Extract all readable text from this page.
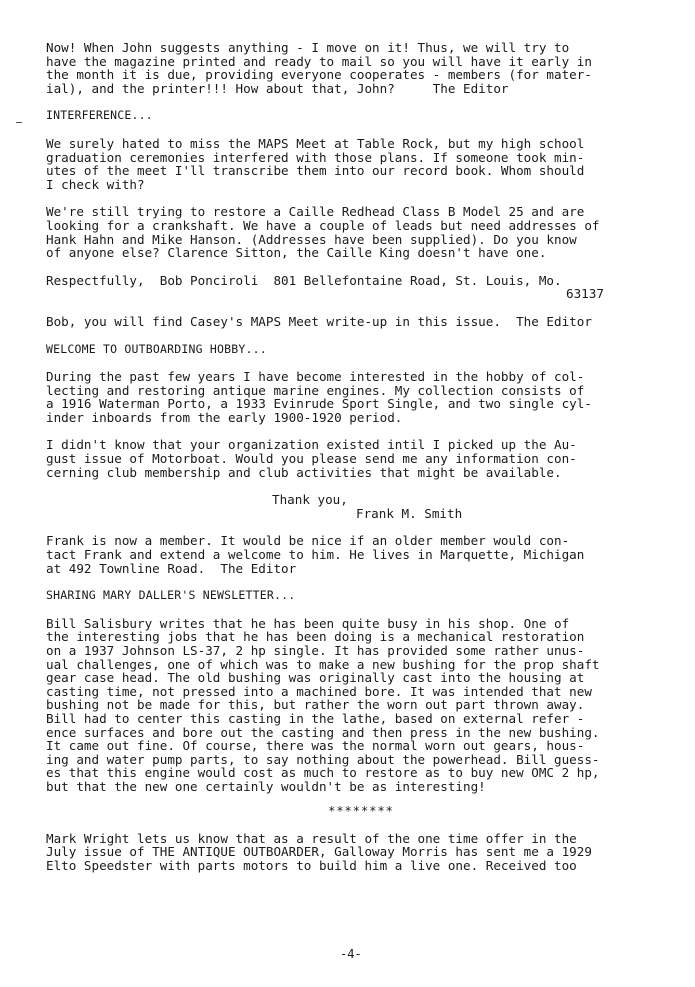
Now! When John suggests anything - I move on it! Thus, we will try to

have the magazine printed and ready to mail so you will have it early in

the month it is due, providing everyone cooperates - members (for mater-

ial), and the printer!!! How about that, John?     The Editor

INTERFERENCE...

We surely hated to miss the MAPS Meet at Table Rock, but my high school

graduation ceremonies interfered with those plans. If someone took min-

utes of the meet I'll transcribe them into our record book. Whom should

I check with?

We're still trying to restore a Caille Redhead Class B Model 25 and are

looking for a crankshaft. We have a couple of leads but need addresses of

Hank Hahn and Mike Hanson. (Addresses have been supplied). Do you know

of anyone else? Clarence Sitton, the Caille King doesn't have one.

Respectfully,  Bob Ponciroli  801 Bellefontaine Road, St. Louis, Mo.

63137

Bob, you will find Casey's MAPS Meet write-up in this issue.  The Editor

WELCOME TO OUTBOARDING HOBBY...

During the past few years I have become interested in the hobby of col-

lecting and restoring antique marine engines. My collection consists of

a 1916 Waterman Porto, a 1933 Evinrude Sport Single, and two single cyl-

inder inboards from the early 1900-1920 period.

I didn't know that your organization existed intil I picked up the Au-

gust issue of Motorboat. Would you please send me any information con-

cerning club membership and club activities that might be available.

Thank you,

Frank M. Smith

Frank is now a member. It would be nice if an older member would con-

tact Frank and extend a welcome to him. He lives in Marquette, Michigan

at 492 Townline Road.  The Editor

SHARING MARY DALLER'S NEWSLETTER...

Bill Salisbury writes that he has been quite busy in his shop. One of

the interesting jobs that he has been doing is a mechanical restoration

on a 1937 Johnson LS-37, 2 hp single. It has provided some rather unus-

ual challenges, one of which was to make a new bushing for the prop shaft

gear case head. The old bushing was originally cast into the housing at

casting time, not pressed into a machined bore. It was intended that new

bushing not be made for this, but rather the worn out part thrown away.

Bill had to center this casting in the lathe, based on external refer -

ence surfaces and bore out the casting and then press in the new bushing.

It came out fine. Of course, there was the normal worn out gears, hous-

ing and water pump parts, to say nothing about the powerhead. Bill guess-

es that this engine would cost as much to restore as to buy new OMC 2 hp,

but that the new one certainly wouldn't be as interesting!

********

Mark Wright lets us know that as a result of the one time offer in the

July issue of THE ANTIQUE OUTBOARDER, Galloway Morris has sent me a 1929

Elto Speedster with parts motors to build him a live one. Received too

-4-
